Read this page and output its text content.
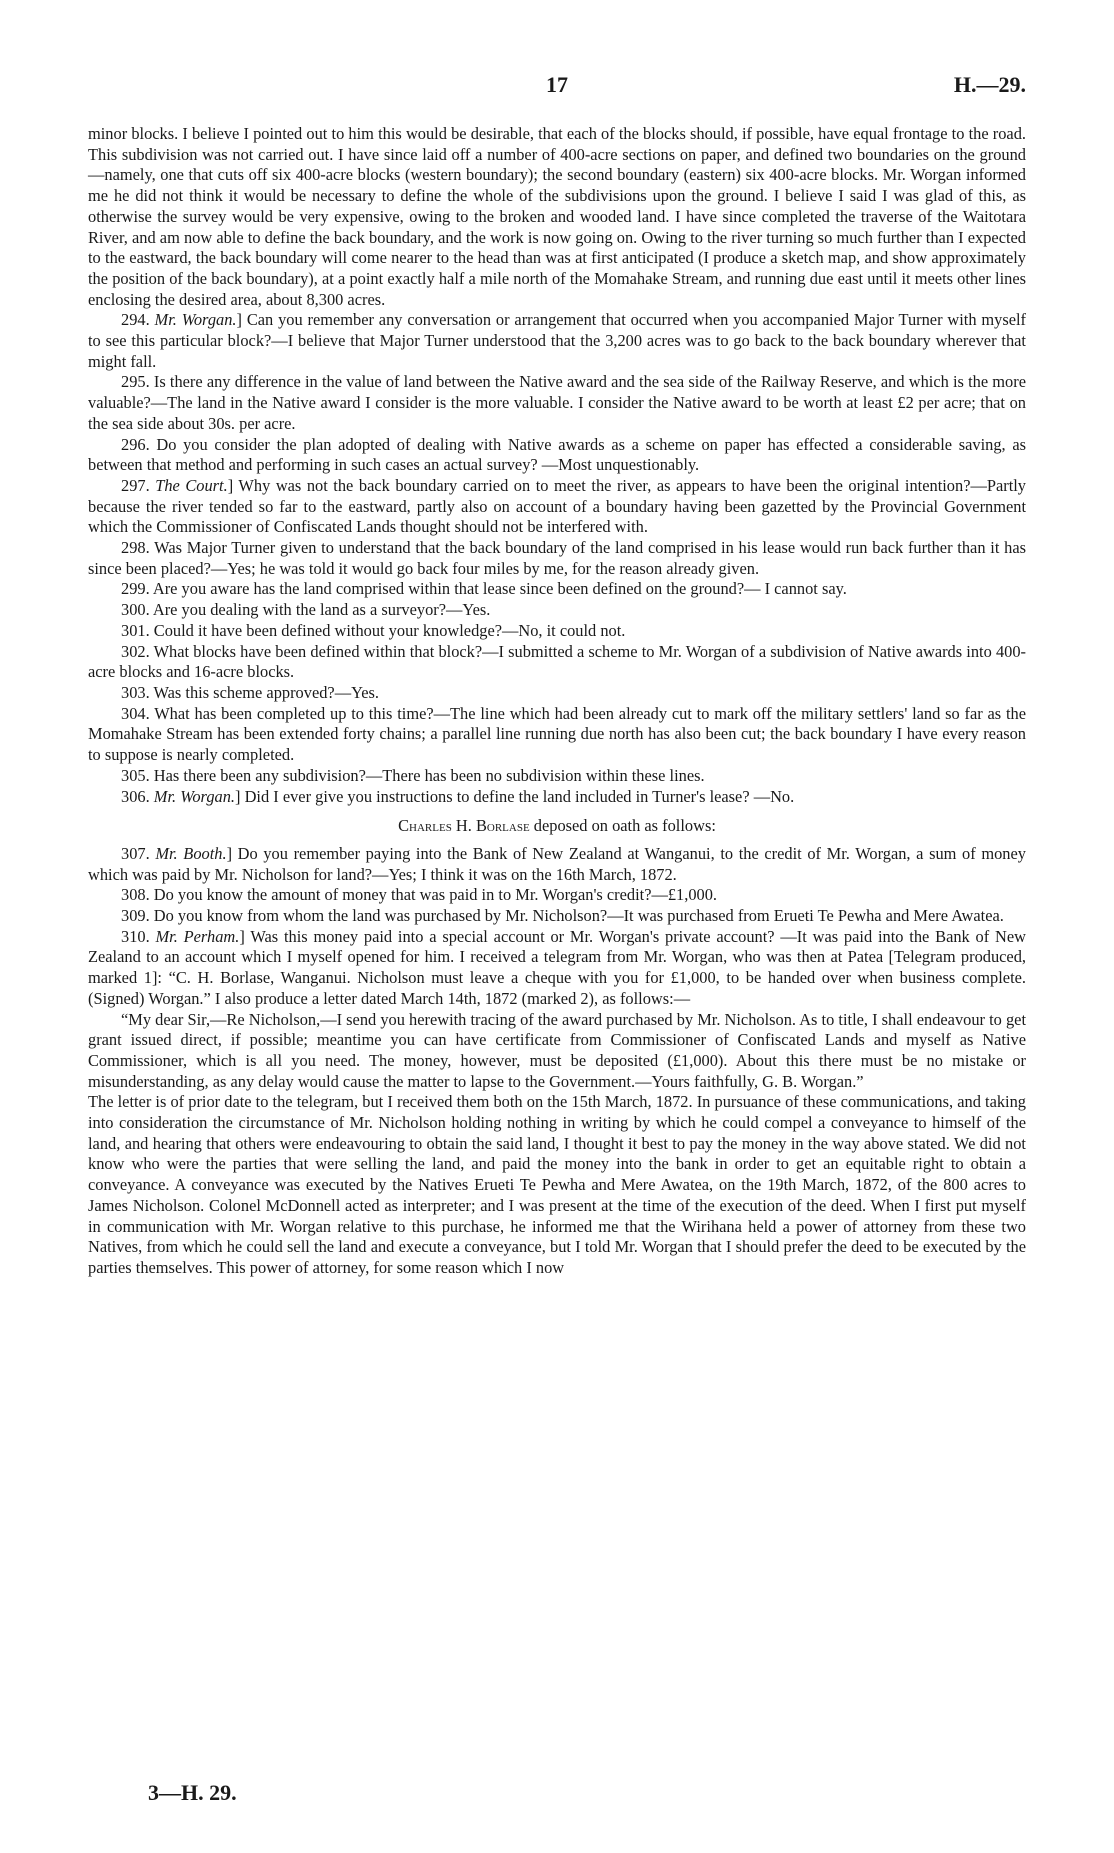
17	H.—29.

minor blocks. I believe I pointed out to him this would be desirable, that each of the blocks should, if possible, have equal frontage to the road. This subdivision was not carried out. I have since laid off a number of 400-acre sections on paper, and defined two boundaries on the ground—namely, one that cuts off six 400-acre blocks (western boundary); the second boundary (eastern) six 400-acre blocks. Mr. Worgan informed me he did not think it would be necessary to define the whole of the subdivisions upon the ground. I believe I said I was glad of this, as otherwise the survey would be very expensive, owing to the broken and wooded land. I have since completed the traverse of the Waitotara River, and am now able to define the back boundary, and the work is now going on. Owing to the river turning so much further than I expected to the eastward, the back boundary will come nearer to the head than was at first anticipated (I produce a sketch map, and show approximately the position of the back boundary), at a point exactly half a mile north of the Momahake Stream, and running due east until it meets other lines enclosing the desired area, about 8,300 acres.

294. Mr. Worgan.] Can you remember any conversation or arrangement that occurred when you accompanied Major Turner with myself to see this particular block?—I believe that Major Turner understood that the 3,200 acres was to go back to the back boundary wherever that might fall.

295. Is there any difference in the value of land between the Native award and the sea side of the Railway Reserve, and which is the more valuable?—The land in the Native award I consider is the more valuable. I consider the Native award to be worth at least £2 per acre; that on the sea side about 30s. per acre.

296. Do you consider the plan adopted of dealing with Native awards as a scheme on paper has effected a considerable saving, as between that method and performing in such cases an actual survey? —Most unquestionably.

297. The Court.] Why was not the back boundary carried on to meet the river, as appears to have been the original intention?—Partly because the river tended so far to the eastward, partly also on account of a boundary having been gazetted by the Provincial Government which the Commissioner of Confiscated Lands thought should not be interfered with.

298. Was Major Turner given to understand that the back boundary of the land comprised in his lease would run back further than it has since been placed?—Yes; he was told it would go back four miles by me, for the reason already given.

299. Are you aware has the land comprised within that lease since been defined on the ground?— I cannot say.

300. Are you dealing with the land as a surveyor?—Yes.

301. Could it have been defined without your knowledge?—No, it could not.

302. What blocks have been defined within that block?—I submitted a scheme to Mr. Worgan of a subdivision of Native awards into 400-acre blocks and 16-acre blocks.

303. Was this scheme approved?—Yes.

304. What has been completed up to this time?—The line which had been already cut to mark off the military settlers' land so far as the Momahake Stream has been extended forty chains; a parallel line running due north has also been cut; the back boundary I have every reason to suppose is nearly completed.

305. Has there been any subdivision?—There has been no subdivision within these lines.

306. Mr. Worgan.] Did I ever give you instructions to define the land included in Turner's lease? —No.

Charles H. Borlase deposed on oath as follows:

307. Mr. Booth.] Do you remember paying into the Bank of New Zealand at Wanganui, to the credit of Mr. Worgan, a sum of money which was paid by Mr. Nicholson for land?—Yes; I think it was on the 16th March, 1872.

308. Do you know the amount of money that was paid in to Mr. Worgan's credit?—£1,000.

309. Do you know from whom the land was purchased by Mr. Nicholson?—It was purchased from Erueti Te Pewha and Mere Awatea.

310. Mr. Perham.] Was this money paid into a special account or Mr. Worgan's private account? —It was paid into the Bank of New Zealand to an account which I myself opened for him. I received a telegram from Mr. Worgan, who was then at Patea [Telegram produced, marked 1]: “C. H. Borlase, Wanganui. Nicholson must leave a cheque with you for £1,000, to be handed over when business complete. (Signed) Worgan.” I also produce a letter dated March 14th, 1872 (marked 2), as follows:—

“My dear Sir,—Re Nicholson,—I send you herewith tracing of the award purchased by Mr. Nicholson. As to title, I shall endeavour to get grant issued direct, if possible; meantime you can have certificate from Commissioner of Confiscated Lands and myself as Native Commissioner, which is all you need. The money, however, must be deposited (£1,000). About this there must be no mistake or misunderstanding, as any delay would cause the matter to lapse to the Government.—Yours faithfully, G. B. Worgan.”

The letter is of prior date to the telegram, but I received them both on the 15th March, 1872. In pursuance of these communications, and taking into consideration the circumstance of Mr. Nicholson holding nothing in writing by which he could compel a conveyance to himself of the land, and hearing that others were endeavouring to obtain the said land, I thought it best to pay the money in the way above stated. We did not know who were the parties that were selling the land, and paid the money into the bank in order to get an equitable right to obtain a conveyance. A conveyance was executed by the Natives Erueti Te Pewha and Mere Awatea, on the 19th March, 1872, of the 800 acres to James Nicholson. Colonel McDonnell acted as interpreter; and I was present at the time of the execution of the deed. When I first put myself in communication with Mr. Worgan relative to this purchase, he informed me that the Wirihana held a power of attorney from these two Natives, from which he could sell the land and execute a conveyance, but I told Mr. Worgan that I should prefer the deed to be executed by the parties themselves. This power of attorney, for some reason which I now

3—H. 29.
